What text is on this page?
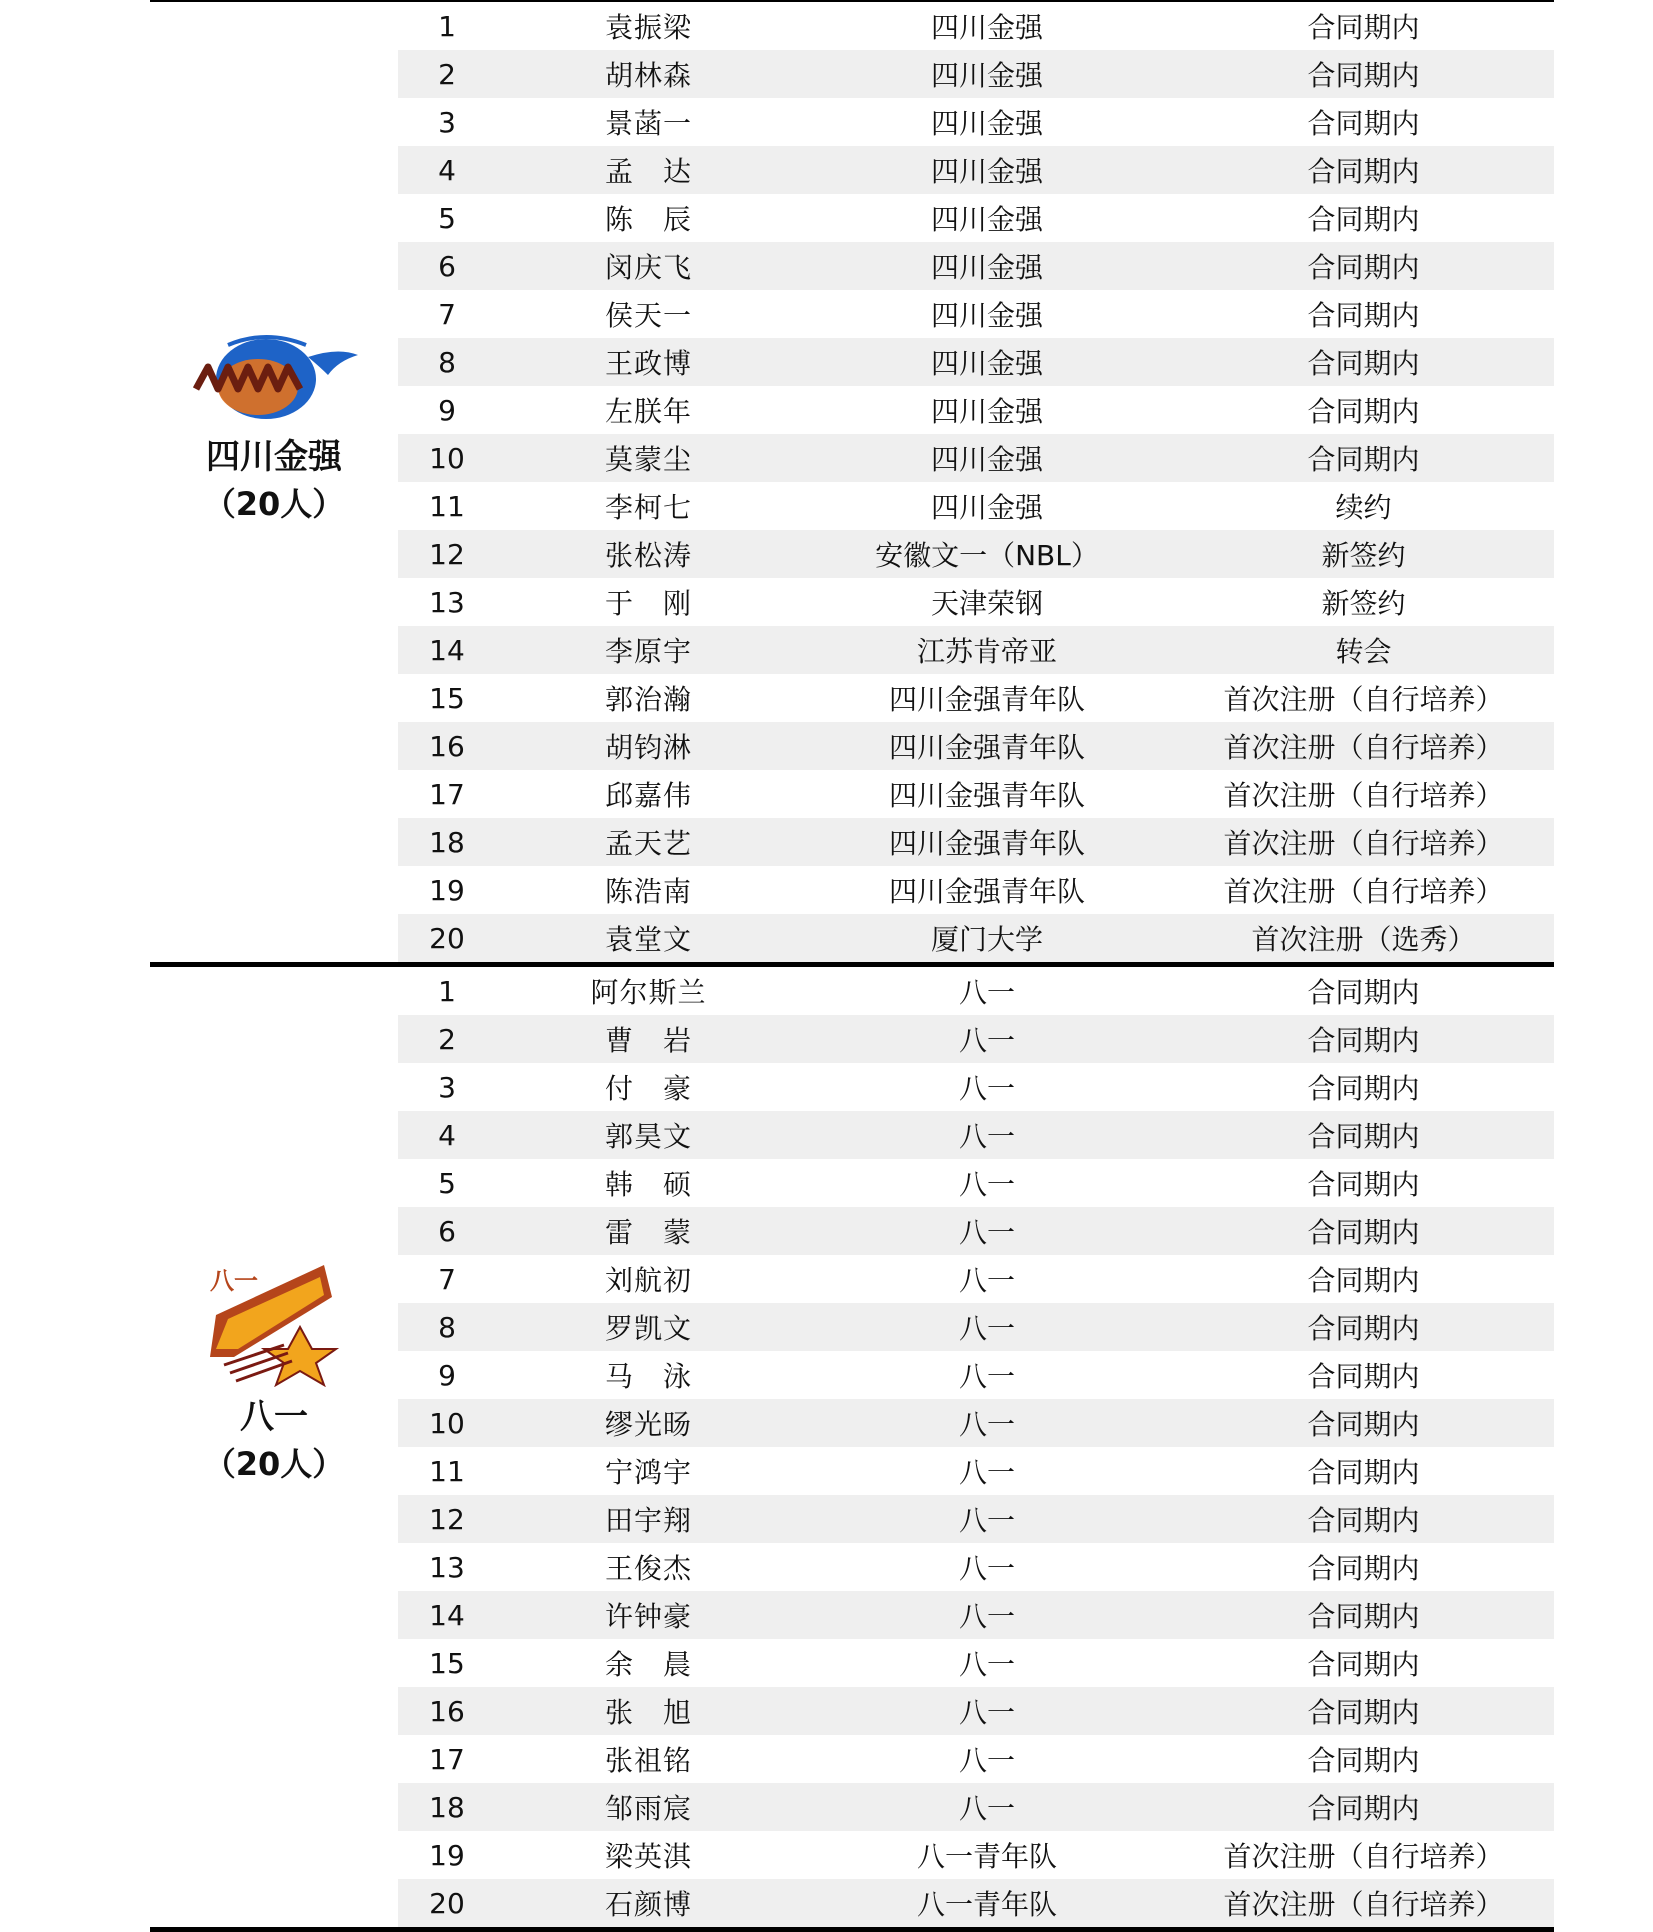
四川金强
（20人）
1	袁振梁	四川金强	合同期内
2	胡林森	四川金强	合同期内
3	景菡一	四川金强	合同期内
4	孟　达	四川金强	合同期内
5	陈　辰	四川金强	合同期内
6	闵庆飞	四川金强	合同期内
7	侯天一	四川金强	合同期内
8	王政博	四川金强	合同期内
9	左朕年	四川金强	合同期内
10	莫蒙尘	四川金强	合同期内
11	李柯七	四川金强	续约
12	张松涛	安徽文一（NBL）	新签约
13	于　刚	天津荣钢	新签约
14	李原宇	江苏肯帝亚	转会
15	郭治瀚	四川金强青年队	首次注册（自行培养）
16	胡钧淋	四川金强青年队	首次注册（自行培养）
17	邱嘉伟	四川金强青年队	首次注册（自行培养）
18	孟天艺	四川金强青年队	首次注册（自行培养）
19	陈浩南	四川金强青年队	首次注册（自行培养）
20	袁堂文	厦门大学	首次注册（选秀）
八一
八一
（20人）
1	阿尔斯兰	八一	合同期内
2	曹　岩	八一	合同期内
3	付　豪	八一	合同期内
4	郭昊文	八一	合同期内
5	韩　硕	八一	合同期内
6	雷　蒙	八一	合同期内
7	刘航初	八一	合同期内
8	罗凯文	八一	合同期内
9	马　泳	八一	合同期内
10	缪光旸	八一	合同期内
11	宁鸿宇	八一	合同期内
12	田宇翔	八一	合同期内
13	王俊杰	八一	合同期内
14	许钟豪	八一	合同期内
15	余　晨	八一	合同期内
16	张　旭	八一	合同期内
17	张祖铭	八一	合同期内
18	邹雨宸	八一	合同期内
19	梁英淇	八一青年队	首次注册（自行培养）
20	石颜博	八一青年队	首次注册（自行培养）
